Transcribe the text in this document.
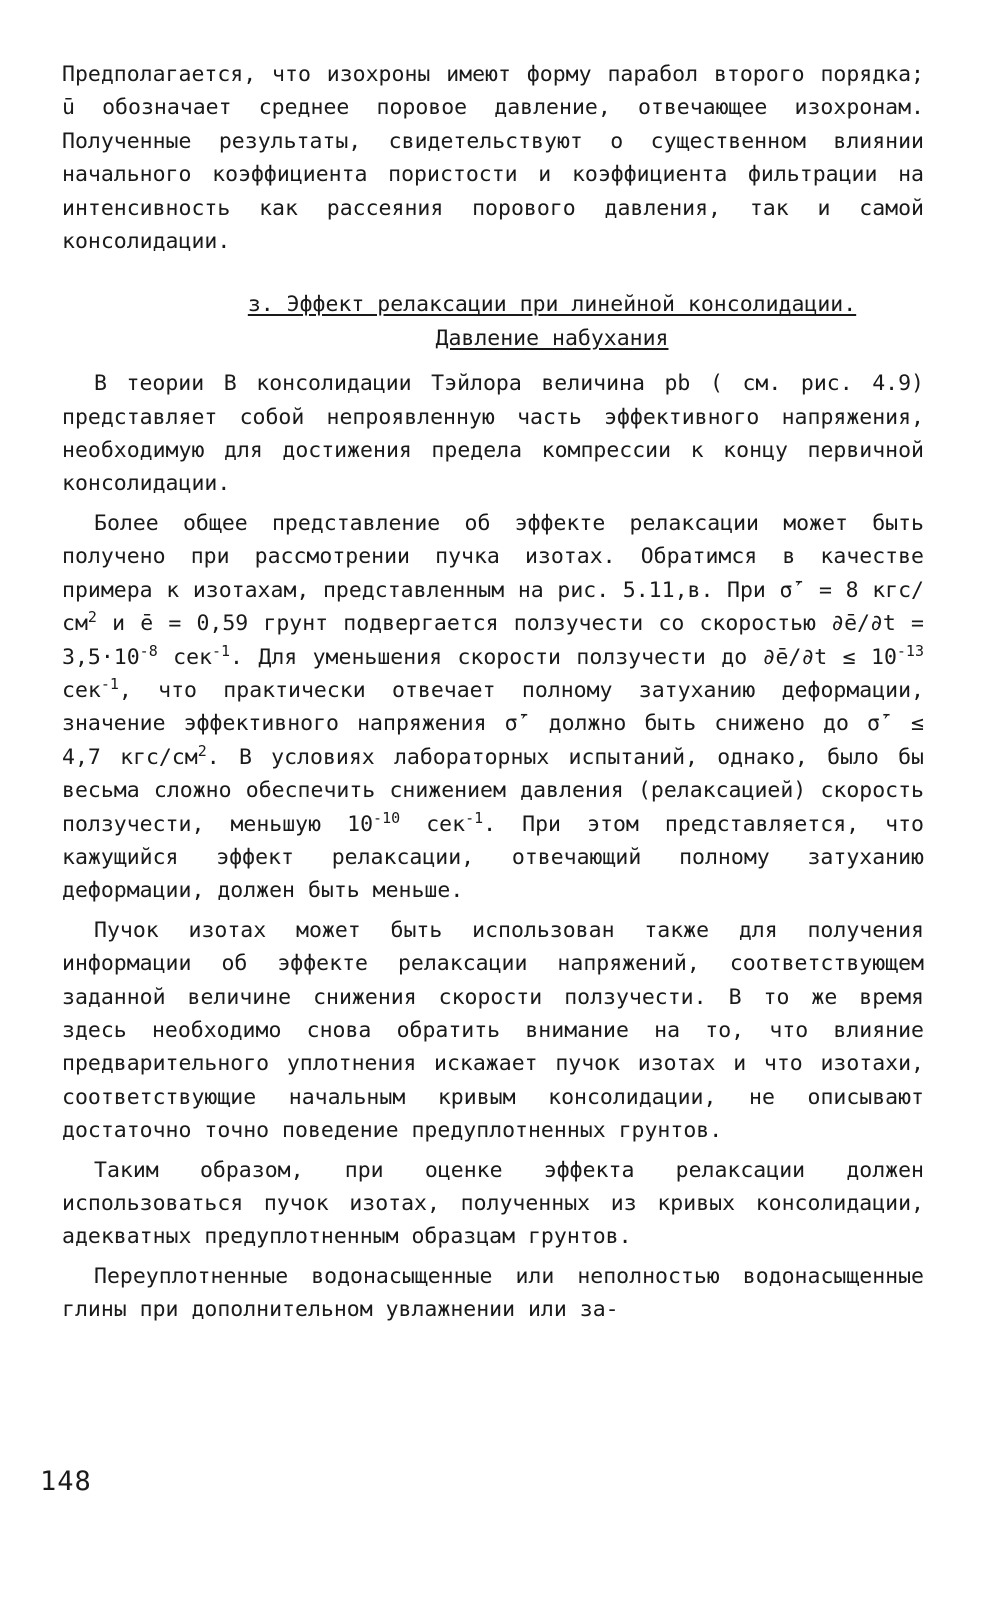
Предполагается, что изохроны имеют форму парабол второго порядка; ū обозначает среднее поровое давление, отвечающее изохронам. Полученные результаты, свидетельствуют о существенном влиянии начального коэффициента пористости и коэффициента фильтрации на интенсивность как рассеяния порового давления, так и самой консолидации.

з. Эффект релаксации при линейной консолидации.
Давление набухания

В теории B консолидации Тэйлора величина pb ( см. рис. 4.9) представляет собой непроявленную часть эффективного напряжения, необходимую для достижения предела компрессии к концу первичной консолидации.

Более общее представление об эффекте релаксации может быть получено при рассмотрении пучка изотах. Обратимся в качестве примера к изотахам, представленным на рис. 5.11,в. При σ̄′ = 8 кгс/$см^2$ и ē = 0,59 грунт подвергается ползучести со скоростью ∂ē/∂t = $3,5\cdot 10^{-8}$ сек$^{-1}$. Для уменьшения скорости ползучести до ∂ē/∂t ≤ $10^{-13}$ сек$^{-1}$, что практически отвечает полному затуханию деформации, значение эффективного напряжения σ̄′ должно быть снижено до σ̄′ ≤ 4,7 кгс/$см^2$. В условиях лабораторных испытаний, однако, было бы весьма сложно обеспечить снижением давления (релаксацией) скорость ползучести, меньшую $10^{-10}$ сек$^{-1}$. При этом представляется, что кажущийся эффект релаксации, отвечающий полному затуханию деформации, должен быть меньше.

Пучок изотах может быть использован также для получения информации об эффекте релаксации напряжений, соответствующем заданной величине снижения скорости ползучести. В то же время здесь необходимо снова обратить внимание на то, что влияние предварительного уплотнения искажает пучок изотах и что изотахи, соответствующие начальным кривым консолидации, не описывают достаточно точно поведение предуплотненных грунтов.

Таким образом, при оценке эффекта релаксации должен использоваться пучок изотах, полученных из кривых консолидации, адекватных предуплотненным образцам грунтов.

Переуплотненные водонасыщенные или неполностью водонасыщенные глины при дополнительном увлажнении или за-

148
